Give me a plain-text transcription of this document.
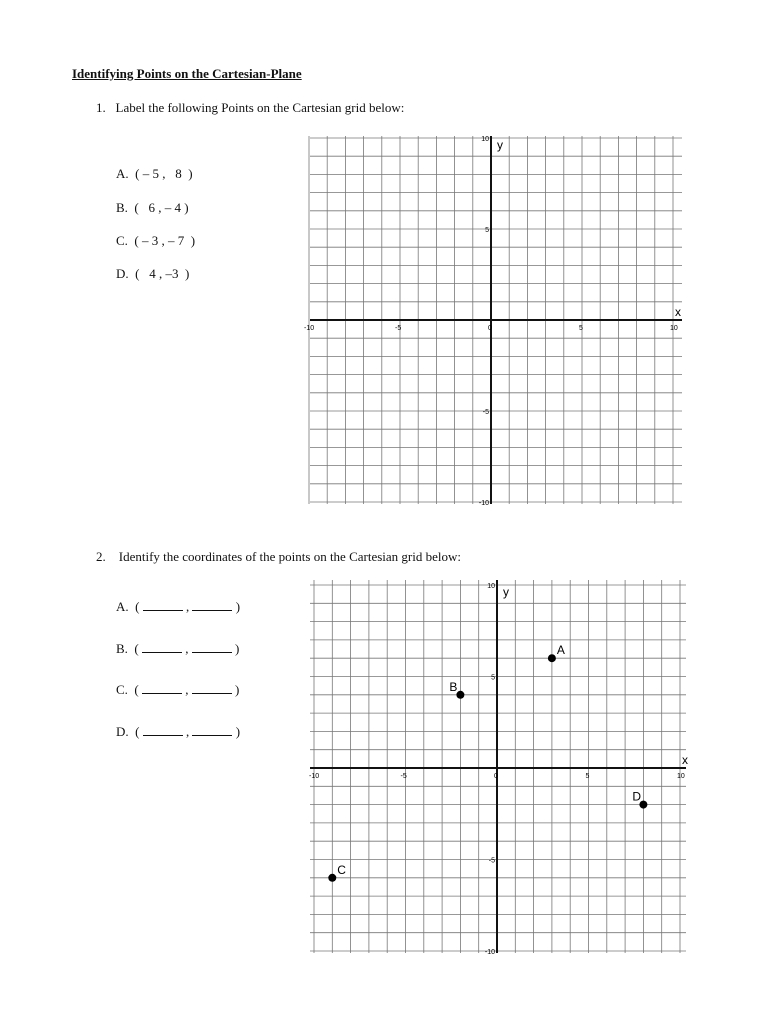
Identifying Points on the Cartesian-Plane
1. Label the following Points on the Cartesian grid below:
A.  ( – 5 ,   8  )
B.  (   6 , – 4 )
C.  ( – 3 , – 7  )
D.  (   4 , –3  )
x
y
-10	-5	0	5	10
10
5
-5
-10
2. Identify the coordinates of the points on the Cartesian grid below:
A. (	,	)
B. (	,	)
C. (	,	)
D. (	,	)
x
y
-10	-5	0	5	10
10
5
-5
-10
A
B
C
D
